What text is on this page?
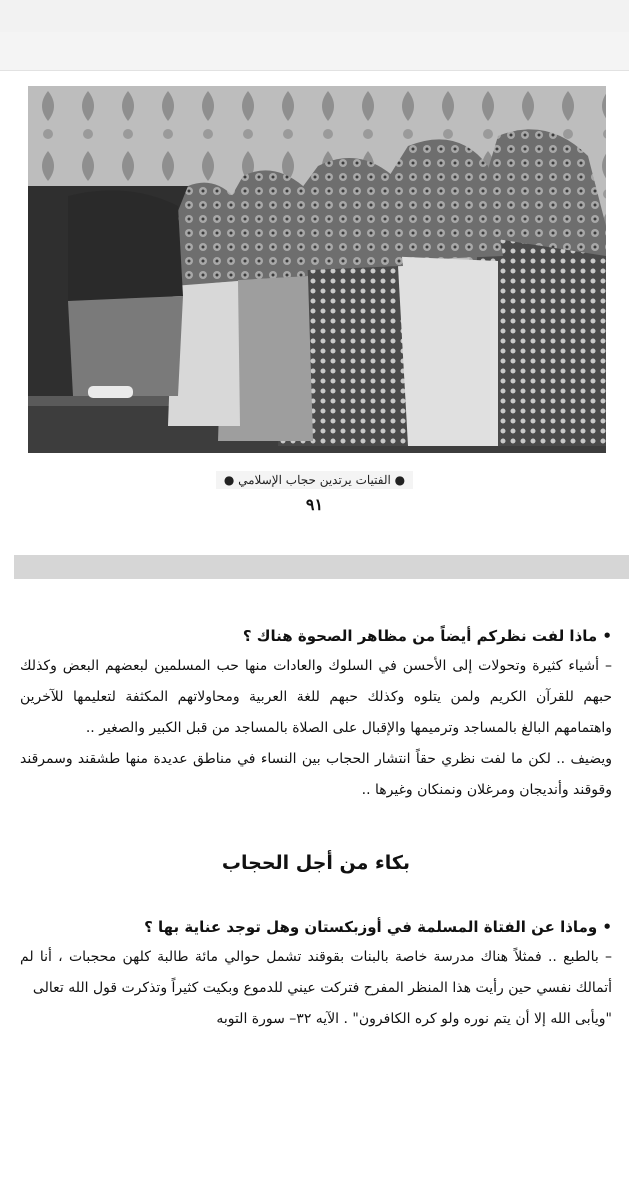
● الفتيات يرتدين حجاب الإسلامي ●
٩١

• ماذا لفت نظركم أيضاً من مظاهر الصحوة هناك ؟

– أشياء كثيرة وتحولات إلى الأحسن في السلوك والعادات منها حب المسلمين لبعضهم البعض وكذلك حبهم للقرآن الكريم ولمن يتلوه وكذلك حبهم للغة العربية ومحاولاتهم المكثفة لتعليمها للآخرين واهتمامهم البالغ بالمساجد وترميمها والإقبال على الصلاة بالمساجد من قبل الكبير والصغير ..

ويضيف .. لكن ما لفت نظري حقاً انتشار الحجاب بين النساء في مناطق عديدة منها طشقند وسمرقند وقوقند وأنديجان ومرغلان ونمنكان وغيرها ..

بكاء من أجل الحجاب

• وماذا عن الفتاة المسلمة في أوزبكستان وهل توجد عناية بها ؟

– بالطبع .. فمثلاً هناك مدرسة خاصة بالبنات بقوقند تشمل حوالي مائة طالبة كلهن محجبات ، أنا لم أتمالك نفسي حين رأيت هذا المنظر المفرح فتركت عيني للدموع وبكيت كثيراً وتذكرت قول الله تعالى

"ويأبى الله إلا أن يتم نوره ولو كره الكافرون" . الآيه ٣٢– سورة التوبه
